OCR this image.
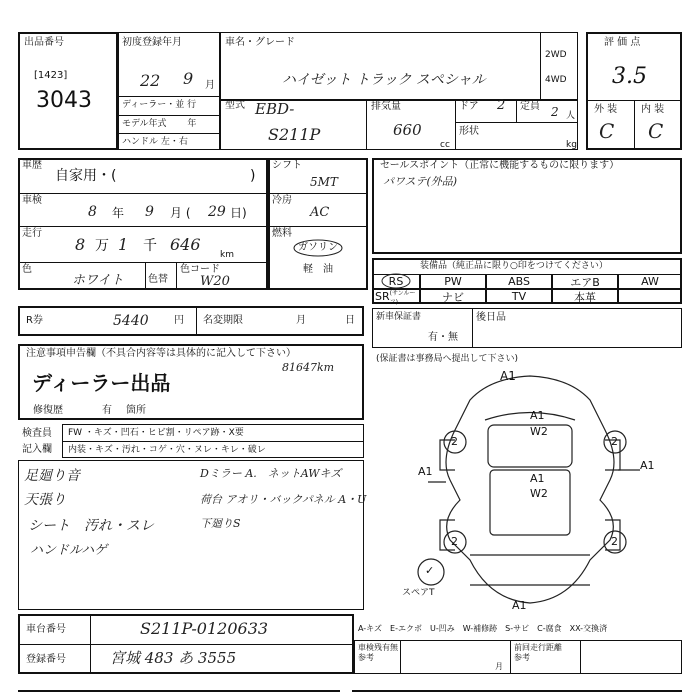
出品番号
[1423]
3043
初度登録年月
22 9 月
ディーラー・並 行
モデル年式　　 年
ハンドル 左・右
車名・グレード
ハイゼット トラック スペシャル
2WD
4WD
型式 EBD-
S211P
排気量
660
cc
ドア 2 定員 2 人
形状
kg
評 価 点
3.5
外 装 内 装
C C
車歴
自家用・(	)
車検
8 年 9 月 ( 29 日)
走行
8 万 1 千 646
km
色
ホワイト 色替
色コード
W20
シフト
5MT
冷房
AC
燃料
ガソリン
軽　油
セールスポイント（正常に機能するものに限ります）
パワステ(外品)
装備品（純正品に限り○印をつけてください）
RS	PW	ABS	エアB	AW
SR (サンルーフ)	ナビ	TV	本革
R券	5440	円 名変期限	月	日 新車保証書
有・無
後日品
(保証書は事務局へ提出して下さい)
注意事項申告欄（不具合内容等は具体的に記入して下さい）
81647km
ディーラー出品
修復歴	有 箇所
検査員
記入欄
FW ・キズ・凹石・ヒビ割・リペア跡・X要
内装・キズ・汚れ・コゲ・穴・ヌレ・キレ・破レ
足廻り音
天張り
シート　汚れ・スレ
ハンドルハゲ
Dミラー A.　ネットAWキズ
荷台 アオリ・バックパネル A・U
下廻りS
A1
A1
W2
A1
W2
A1	A1
2	2
2	2
✓
スペアT
A1
A-キズ　E-エクボ　U-凹み　W-補修跡　S-サビ　C-腐食　XX-交換済
車台番号	S211P-0120633
登録番号	宮城 483 あ 3555
車検残有無
参考
月
前回走行距離
参考
